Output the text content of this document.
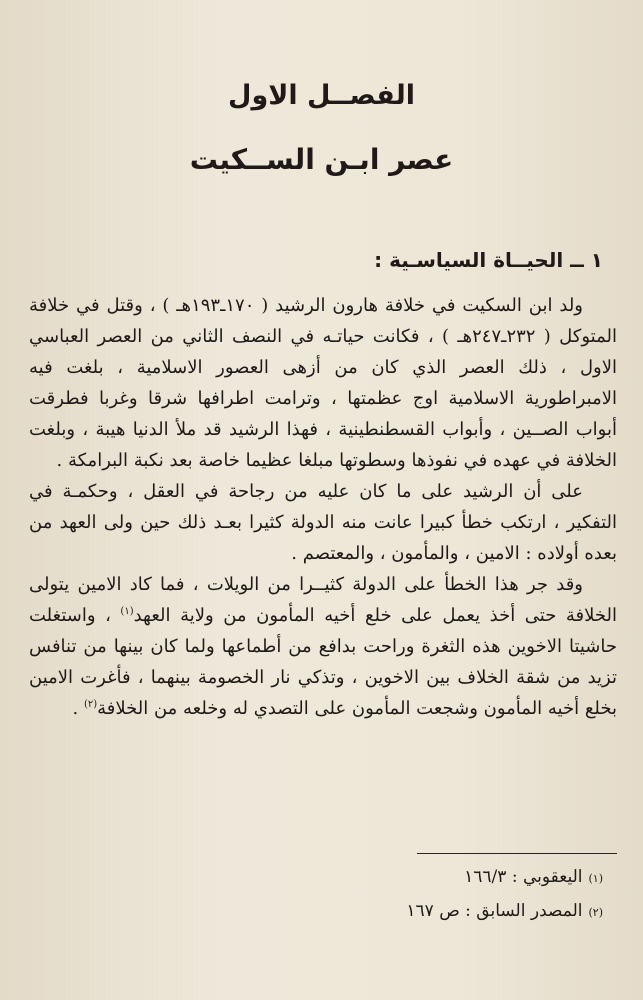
الفصــل الاول
عصر ابـن الســكيت
١ ــ الحيــاة السياسـية :

ولد ابن السكيت في خلافة هارون الرشيد ( ١٧٠ـ١٩٣هـ ) ، وقتل في خلافة المتوكل ( ٢٣٢ـ٢٤٧هـ ) ، فكانت حياتـه في النصف الثاني من العصر العباسي الاول ، ذلك العصر الذي كان من أزهى العصور الاسلامية ، بلغت فيه الامبراطورية الاسلامية اوج عظمتها ، وترامت اطرافها شرقا وغربا فطرقت أبواب الصــين ، وأبواب القسطنطينية ، فهذا الرشيد قد ملأ الدنيا هيبة ، وبلغت الخلافة في عهده في نفوذها وسطوتها مبلغا عظيما خاصة بعد نكبة البرامكة .

على أن الرشيد على ما كان عليه من رجاحة في العقل ، وحكمـة في التفكير ، ارتكب خطأ كبيرا عانت منه الدولة كثيرا بعـد ذلك حين ولى العهد من بعده أولاده : الامين ، والمأمون ، والمعتصم .

وقد جر هذا الخطأ على الدولة كثيــرا من الويلات ، فما كاد الامين يتولى الخلافة حتى أخذ يعمل على خلع أخيه المأمون من ولاية العهد$^{(١)}$ ، واستغلت حاشيتا الاخوين هذه الثغرة وراحت بدافع من أطماعها ولما كان بينها من تنافس تزيد من شقة الخلاف بين الاخوين ، وتذكي نار الخصومة بينهما ، فأغرت الامين بخلع أخيه المأمون وشجعت المأمون على التصدي له وخلعه من الخلافة$^{(٢)}$ .

(١)اليعقوبي : ١٦٦/٣
(٢)المصدر السابق : ص ١٦٧
